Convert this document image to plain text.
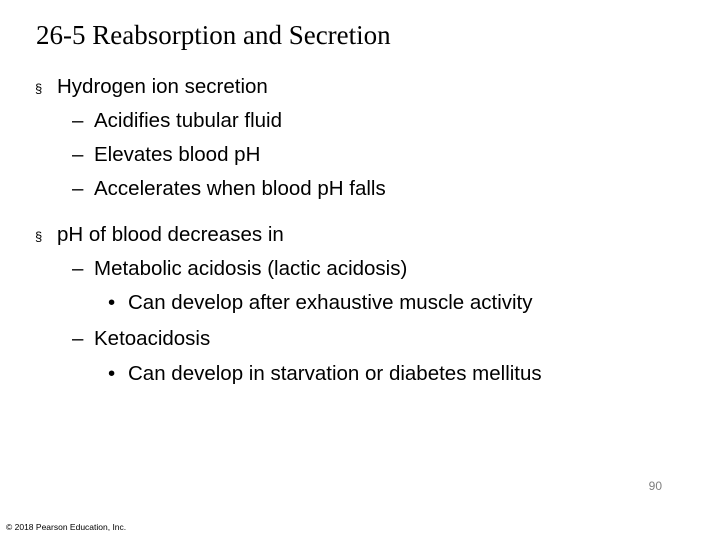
26-5 Reabsorption and Secretion
§ Hydrogen ion secretion
– Acidifies tubular fluid
– Elevates blood pH
– Accelerates when blood pH falls
§ pH of blood decreases in
– Metabolic acidosis (lactic acidosis)
• Can develop after exhaustive muscle activity
– Ketoacidosis
• Can develop in starvation or diabetes mellitus
90
© 2018 Pearson Education, Inc.
